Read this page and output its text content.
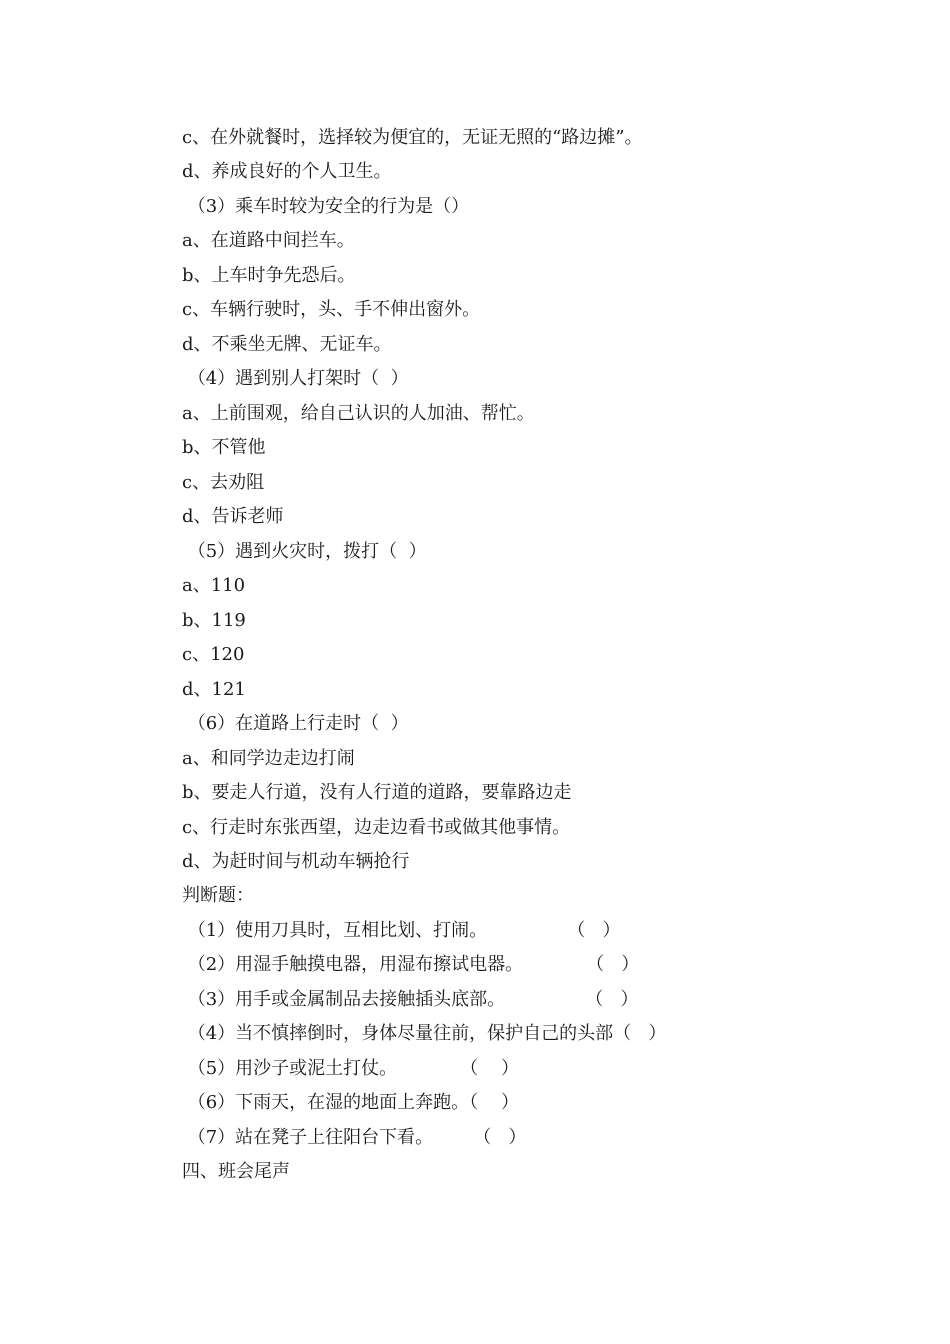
c、在外就餐时，选择较为便宜的，无证无照的“路边摊”。
d、养成良好的个人卫生。
（3）乘车时较为安全的行为是（）
a、在道路中间拦车。
b、上车时争先恐后。
c、车辆行驶时，头、手不伸出窗外。
d、不乘坐无牌、无证车。
（4）遇到别人打架时（  ）
a、上前围观，给自己认识的人加油、帮忙。
b、不管他
c、去劝阻
d、告诉老师
（5）遇到火灾时，拨打（  ）
a、110
b、119
c、120
d、121
（6）在道路上行走时（  ）
a、和同学边走边打闹
b、要走人行道，没有人行道的道路，要靠路边走
c、行走时东张西望，边走边看书或做其他事情。
d、为赶时间与机动车辆抢行
判断题：
（1）使用刀具时，互相比划、打闹。              （   ）
（2）用湿手触摸电器，用湿布擦试电器。           （   ）
（3）用手或金属制品去接触插头底部。              （   ）
（4）当不慎摔倒时，身体尽量往前，保护自己的头部（   ）
（5）用沙子或泥土打仗。           （    ）
（6）下雨天，在湿的地面上奔跑。（    ）
（7）站在凳子上往阳台下看。       （   ）
四、班会尾声
